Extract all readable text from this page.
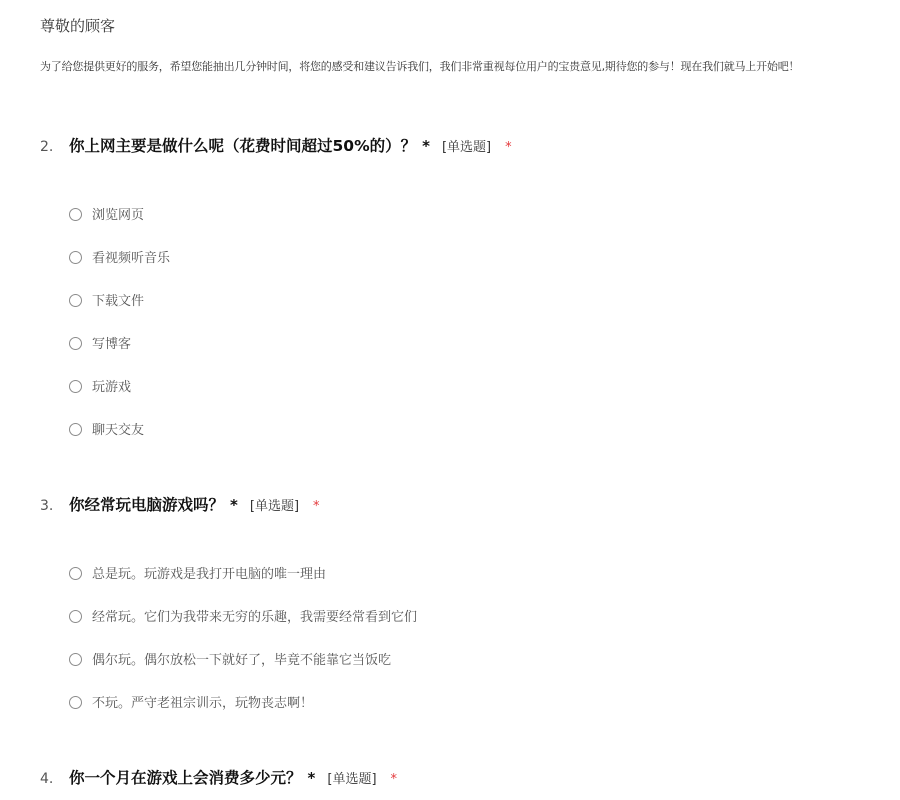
尊敬的顾客
为了给您提供更好的服务，希望您能抽出几分钟时间，将您的感受和建议告诉我们，我们非常重视每位用户的宝贵意见,期待您的参与！现在我们就马上开始吧！
2. 你上网主要是做什么呢（花费时间超过50%的）？ * [单选题] *
浏览网页
看视频听音乐
下载文件
写博客
玩游戏
聊天交友
3. 你经常玩电脑游戏吗？ * [单选题] *
总是玩。玩游戏是我打开电脑的唯一理由
经常玩。它们为我带来无穷的乐趣，我需要经常看到它们
偶尔玩。偶尔放松一下就好了，毕竟不能靠它当饭吃
不玩。严守老祖宗训示，玩物丧志啊！
4. 你一个月在游戏上会消费多少元？ * [单选题] *
